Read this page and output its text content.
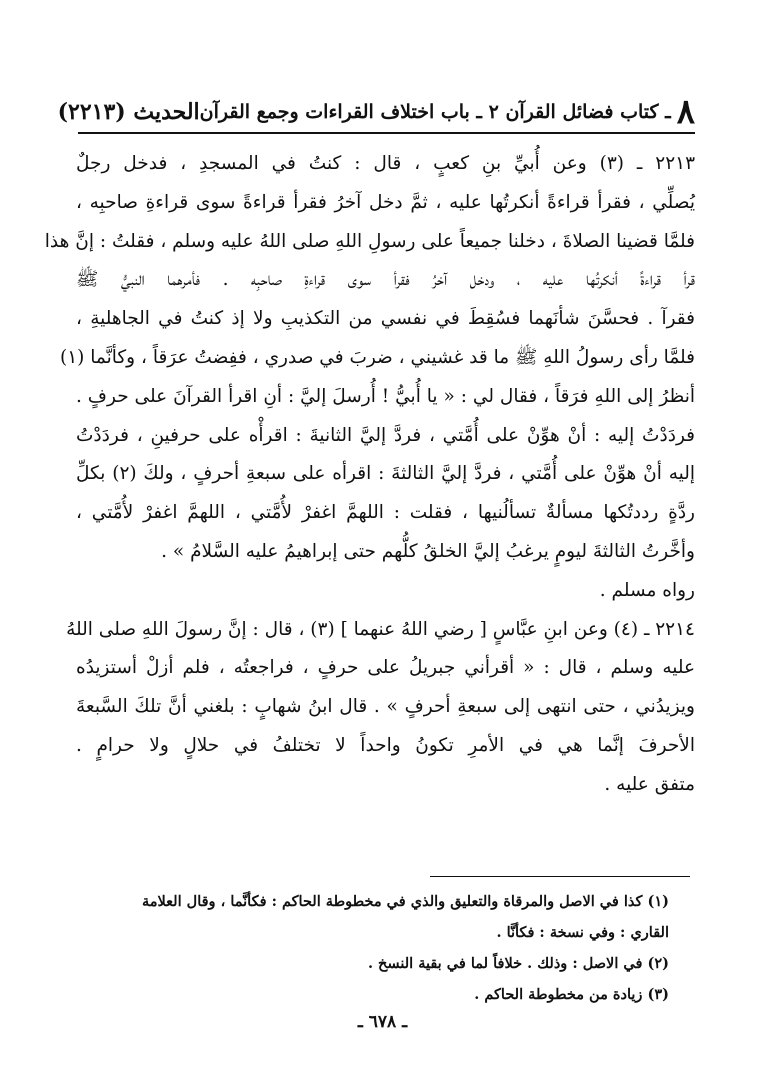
٨
ـ كتاب فضائل القرآن ٢ ـ باب اختلاف القراءات وجمع القرآن
الحديث (٢٢١٣)
٢٢١٣ ـ (٣) وعن أُبيِّ بنِ كعبٍ ، قال : كنتُ في المسجدِ ، فدخل رجلٌ
يُصلِّي ، فقرأ قراءةً أنكرتُها عليه ، ثمَّ دخل آخرُ فقرأ قراءةً سوى قراءةِ صاحبِه ،
فلمَّا قضينا الصلاةَ ، دخلنا جميعاً على رسولِ اللهِ صلى اللهُ عليه وسلم ، فقلتُ : إنَّ هذا
قرأ قراءةً أنكرتُها عليه ، ودخل آخرُ فقرأ سوى قراءةِ صاحبِه . فأمرهما النبيُّ ﷺ
فقرآ . فحسَّنَ شأنَهما فسُقِطَ في نفسي من التكذيبِ ولا إذ كنتُ في الجاهليةِ ،
فلمَّا رأى رسولُ اللهِ ﷺ ما قد غشيني ، ضربَ في صدري ، ففِضتُ عرَقاً ، وكأنَّما (١)
أنظرُ إلى اللهِ فرَقاً ، فقال لي : « يا أُبيُّ ! أُرسلَ إليَّ : أنِ اقرأ القرآنَ على حرفٍ .
فردَدْتُ إليه : أنْ هوِّنْ على أُمَّتي ، فردَّ إليَّ الثانيةَ : اقرأْه على حرفينِ ، فردَدْتُ
إليه أنْ هوِّنْ على أُمَّتي ، فردَّ إليَّ الثالثةَ : اقرأه على سبعةِ أحرفٍ ، ولكَ (٢) بكلِّ
ردَّةٍ رددتُكها مسألةٌ تسألُنيها ، فقلت : اللهمَّ اغفرْ لأُمَّتي ، اللهمَّ اغفرْ لأُمَّتي ،
وأخَّرتُ الثالثةَ ليومٍ يرغبُ إليَّ الخلقُ كلُّهم حتى إبراهيمُ عليه السَّلامُ » .
رواه مسلم .
٢٢١٤ ـ (٤) وعن ابنِ عبَّاسٍ [ رضي اللهُ عنهما ] (٣) ، قال : إنَّ رسولَ اللهِ صلى اللهُ
عليه وسلم ، قال : « أقرأني جبريلُ على حرفٍ ، فراجعتُه ، فلم أزلْ أستزيدُه
ويزيدُني ، حتى انتهى إلى سبعةِ أحرفٍ » . قال ابنُ شهابٍ : بلغني أنَّ تلكَ السَّبعةَ
الأحرفَ إنَّما هي في الأمرِ تكونُ واحداً لا تختلفُ في حلالٍ ولا حرامٍ .
متفق عليه .
(١) كذا في الاصل والمرقاة والتعليق والذي في مخطوطة الحاكم : فكأنَّما ، وقال العلامة
القاري : وفي نسخة : فكأنَّا .
(٢) في الاصل : وذلك . خلافاً لما في بقية النسخ .
(٣) زيادة من مخطوطة الحاكم .
ـ ٦٧٨ ـ
